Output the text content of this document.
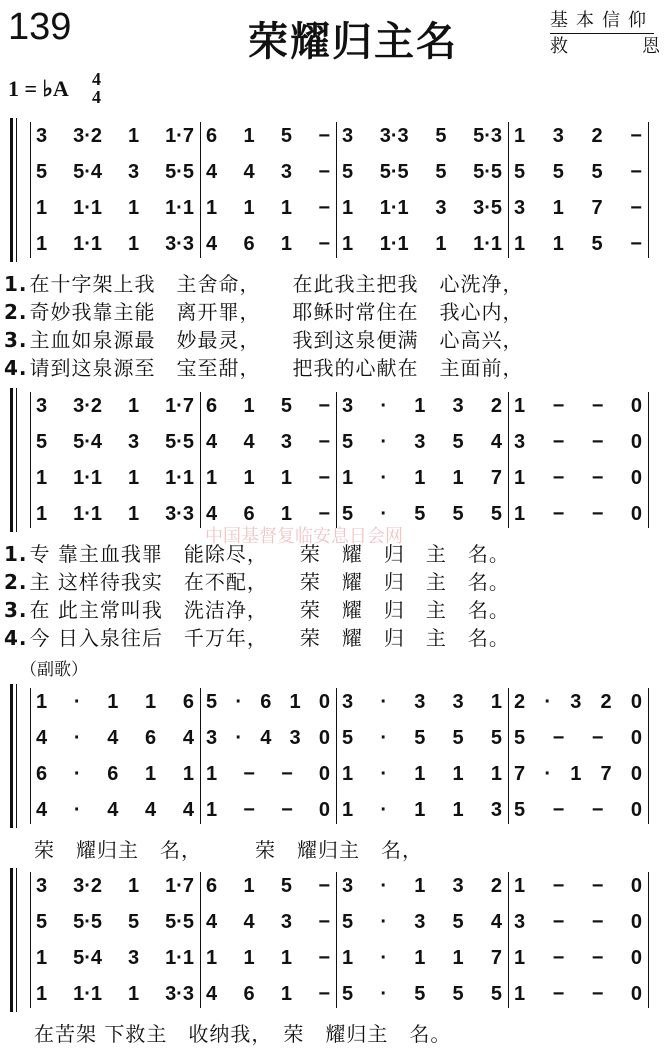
139	荣耀归主名	基本信仰
救	恩
1 = ♭A 4
4
3 3·2 1 1·7 6 1 5 − 3 3·3 5 5·3 1 3 2 −
5 5·4 3 5·5 4 4 3 − 5 5·5 5 5·5 5 5 5 −
1 1·1 1 1·1 1 1 1 − 1 1·1 3 3·5 3 1 7 −
1 1·1 1 3·3 4 6 1 − 1 1·1 1 1·1 1 1 5 −
1. 在十字架上我　主舍命，　　在此我主把我　心洗净，
2. 奇妙我靠主能　离开罪，　　耶稣时常住在　我心内，
3. 主血如泉源最　妙最灵，　　我到这泉便满　心高兴，
4. 请到这泉源至　宝至甜，　　把我的心献在　主面前，
3 3·2 1 1·7 6 1 5 − 3 · 1 3 2 1 − − 0
5 5·4 3 5·5 4 4 3 − 5 · 3 5 4 3 − − 0
1 1·1 1 1·1 1 1 1 − 1 · 1 1 7 1 − − 0
1 1·1 1 3·3 4 6 1 − 5 · 5 5 5 1 − − 0
1. 专 靠主血我罪　能除尽，　　荣　耀　归　主　名。
2. 主 这样待我实　在不配，　　荣　耀　归　主　名。
3. 在 此主常叫我　洗洁净，　　荣　耀　归　主　名。
4. 今 日入泉往后　千万年，　　荣　耀　归　主　名。
1 · 1 1 6 5 · 6 1 0 3 · 3 3 1 2 · 3 2 0
4 · 4 6 4 3 · 4 3 0 5 · 5 5 5 5 − − 0
6 · 6 1 1 1 − − 0 1 · 1 1 1 7 · 1 7 0
4 · 4 4 4 1 − − 0 1 · 1 1 3 5 − − 0
荣　耀归主　名，　　　荣　耀归主　名，
3 3·2 1 1·7 6 1 5 − 3 · 1 3 2 1 − − 0
5 5·5 5 5·5 4 4 3 − 5 · 3 5 4 3 − − 0
1 5·4 3 1·1 1 1 1 − 1 · 1 1 7 1 − − 0
1 1·1 1 3·3 4 6 1 − 5 · 5 5 5 1 − − 0
在苦架 下救主　收纳我，　荣　耀归主　名。
（副歌）
中国基督复临安息日会网
